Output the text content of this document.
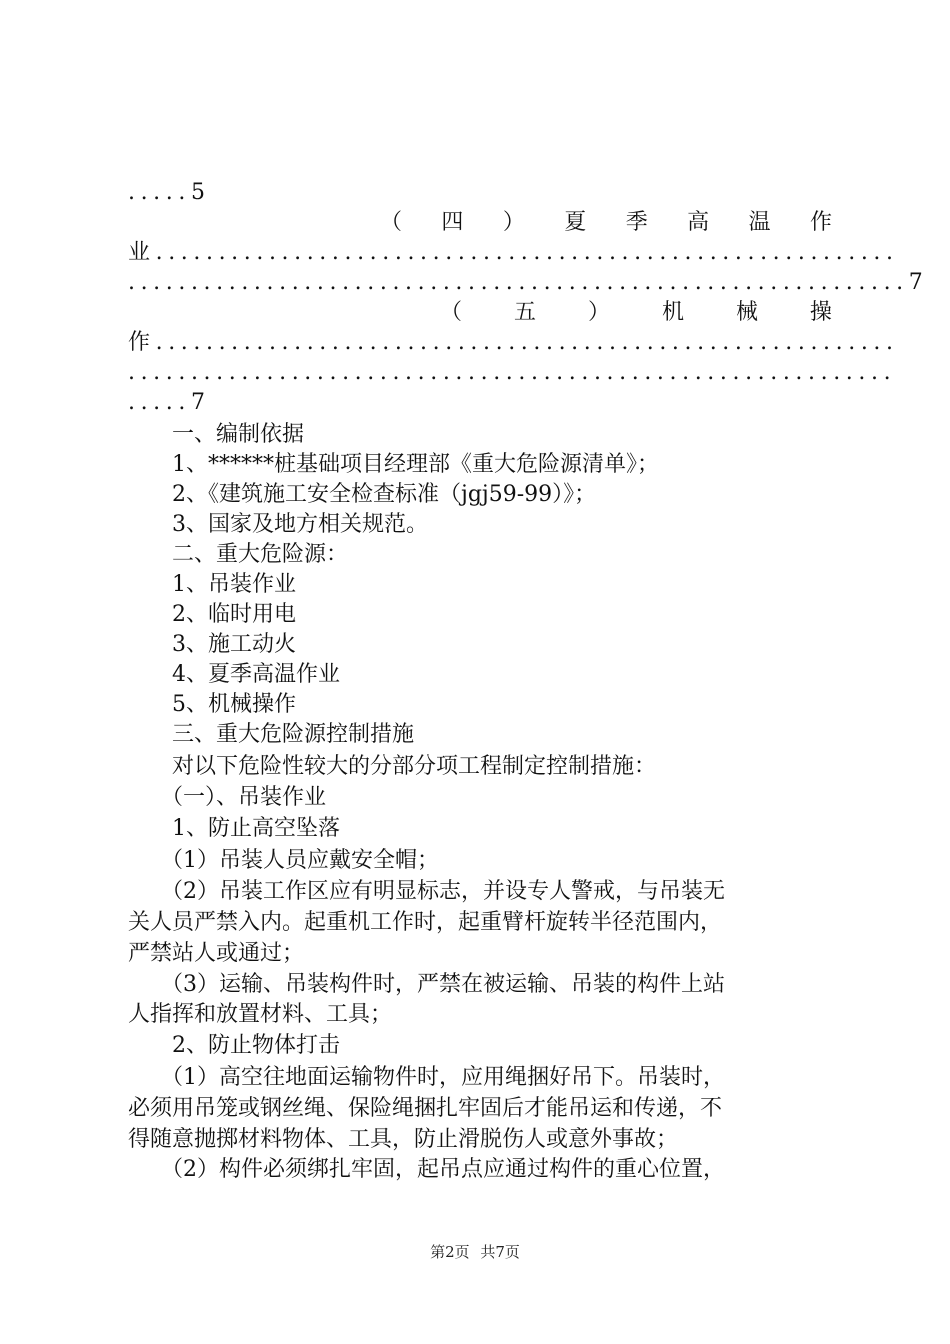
.....5
（ 四 ） 夏 季 高 温 作
业...........................................................
..............................................................7
（ 五 ） 机 械 操
作...........................................................
.............................................................
.....7
　　一、编制依据
　　1、******桩基础项目经理部《重大危险源清单》；
　　2、《建筑施工安全检查标准（jgj59-99）》；
　　3、国家及地方相关规范。
　　二、重大危险源：
　　1、吊装作业
　　2、临时用电
　　3、施工动火
　　4、夏季高温作业
　　5、机械操作
　　三、重大危险源控制措施
　　对以下危险性较大的分部分项工程制定控制措施：
　　（一）、吊装作业
　　1、防止高空坠落
　　（1）吊装人员应戴安全帽；
　　（2）吊装工作区应有明显标志，并设专人警戒，与吊装无
关人员严禁入内。起重机工作时，起重臂杆旋转半径范围内，
严禁站人或通过；
　　（3）运输、吊装构件时，严禁在被运输、吊装的构件上站
人指挥和放置材料、工具；
　　2、防止物体打击
　　（1）高空往地面运输物件时，应用绳捆好吊下。吊装时，
必须用吊笼或钢丝绳、保险绳捆扎牢固后才能吊运和传递，不
得随意抛掷材料物体、工具，防止滑脱伤人或意外事故；
　　（2）构件必须绑扎牢固，起吊点应通过构件的重心位置，
第2页 共7页
